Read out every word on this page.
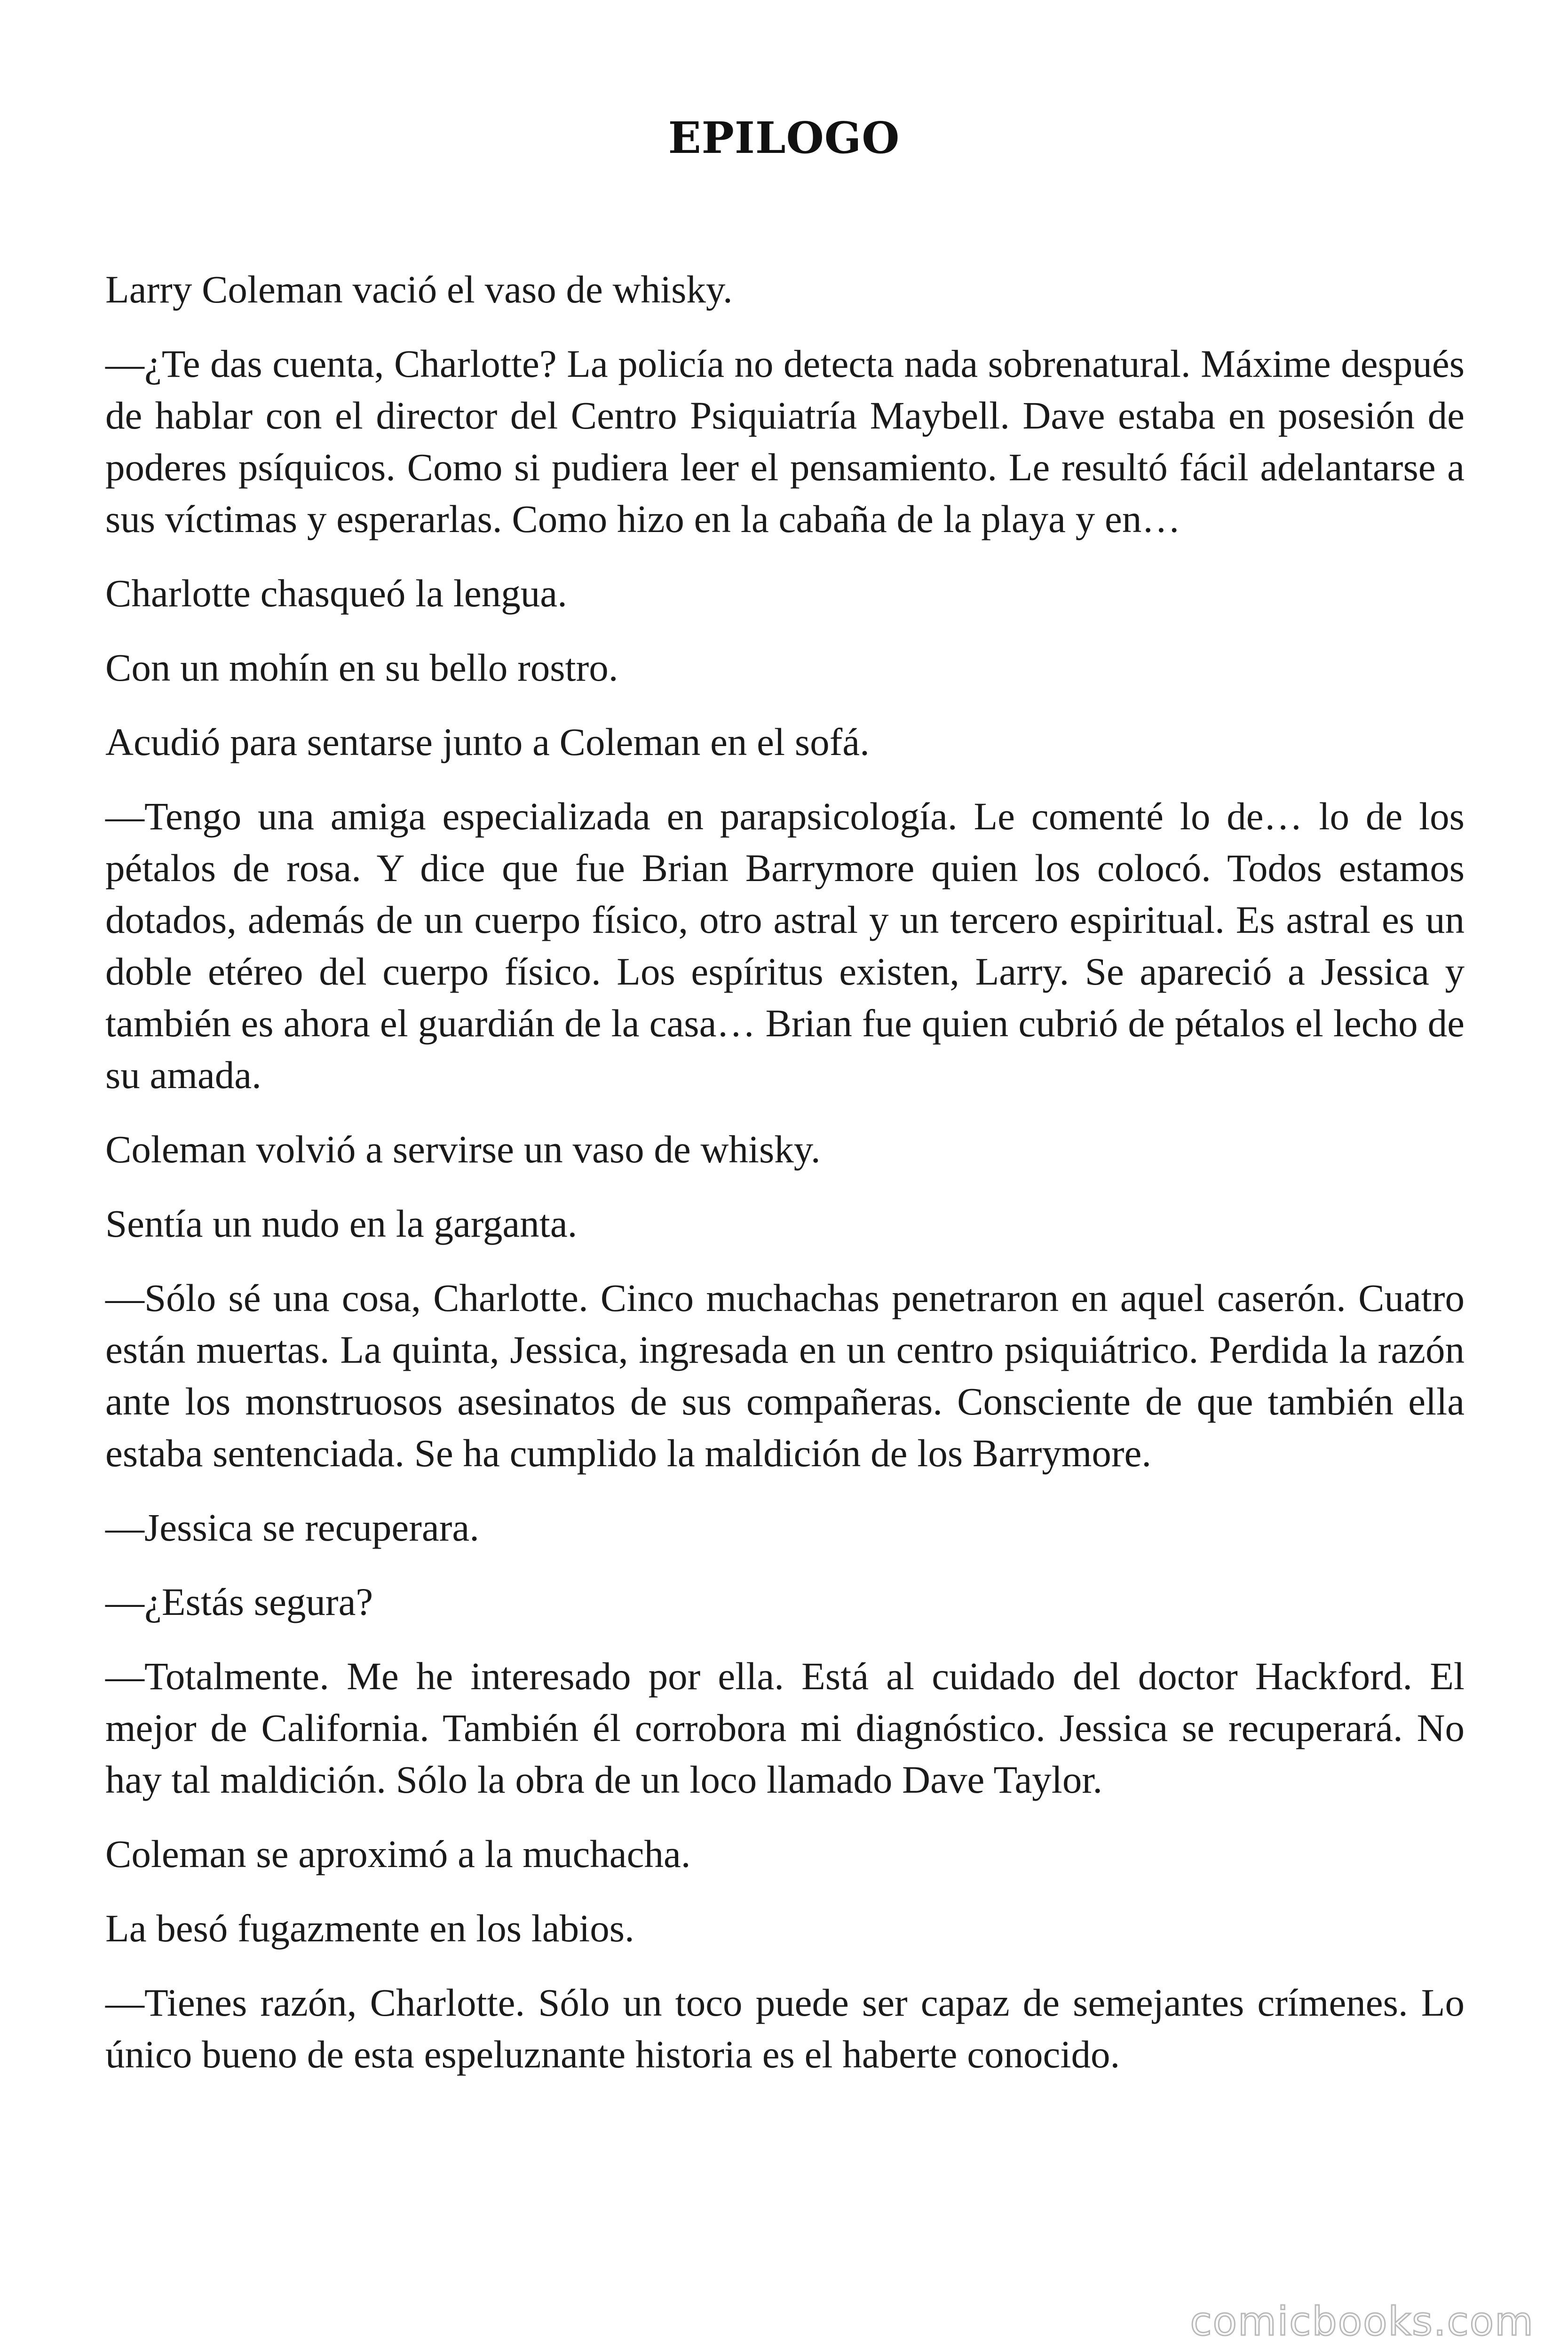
EPILOGO

Larry Coleman vació el vaso de whisky.

—¿Te das cuenta, Charlotte? La policía no detecta nada sobrenatural. Máxime después de hablar con el director del Centro Psiquiatría Maybell. Dave estaba en posesión de poderes psíquicos. Como si pudiera leer el pensamiento. Le resultó fácil adelantarse a sus víctimas y esperarlas. Como hizo en la cabaña de la playa y en…

Charlotte chasqueó la lengua.

Con un mohín en su bello rostro.

Acudió para sentarse junto a Coleman en el sofá.

—Tengo una amiga especializada en parapsicología. Le comenté lo de… lo de los pétalos de rosa. Y dice que fue Brian Barrymore quien los colocó. Todos estamos dotados, además de un cuerpo físico, otro astral y un tercero espiritual. Es astral es un doble etéreo del cuerpo físico. Los espíritus existen, Larry. Se apareció a Jessica y también es ahora el guardián de la casa… Brian fue quien cubrió de pétalos el lecho de su amada.

Coleman volvió a servirse un vaso de whisky.

Sentía un nudo en la garganta.

—Sólo sé una cosa, Charlotte. Cinco muchachas penetraron en aquel caserón. Cuatro están muertas. La quinta, Jessica, ingresada en un centro psiquiátrico. Perdida la razón ante los monstruosos asesinatos de sus compañeras. Consciente de que también ella estaba sentenciada. Se ha cumplido la maldición de los Barrymore.

—Jessica se recuperara.

—¿Estás segura?

—Totalmente. Me he interesado por ella. Está al cuidado del doctor Hackford. El mejor de California. También él corrobora mi diagnóstico. Jessica se recuperará. No hay tal maldición. Sólo la obra de un loco llamado Dave Taylor.

Coleman se aproximó a la muchacha.

La besó fugazmente en los labios.

—Tienes razón, Charlotte. Sólo un toco puede ser capaz de semejantes crímenes. Lo único bueno de esta espeluznante historia es el haberte conocido.

comicbooks.com
